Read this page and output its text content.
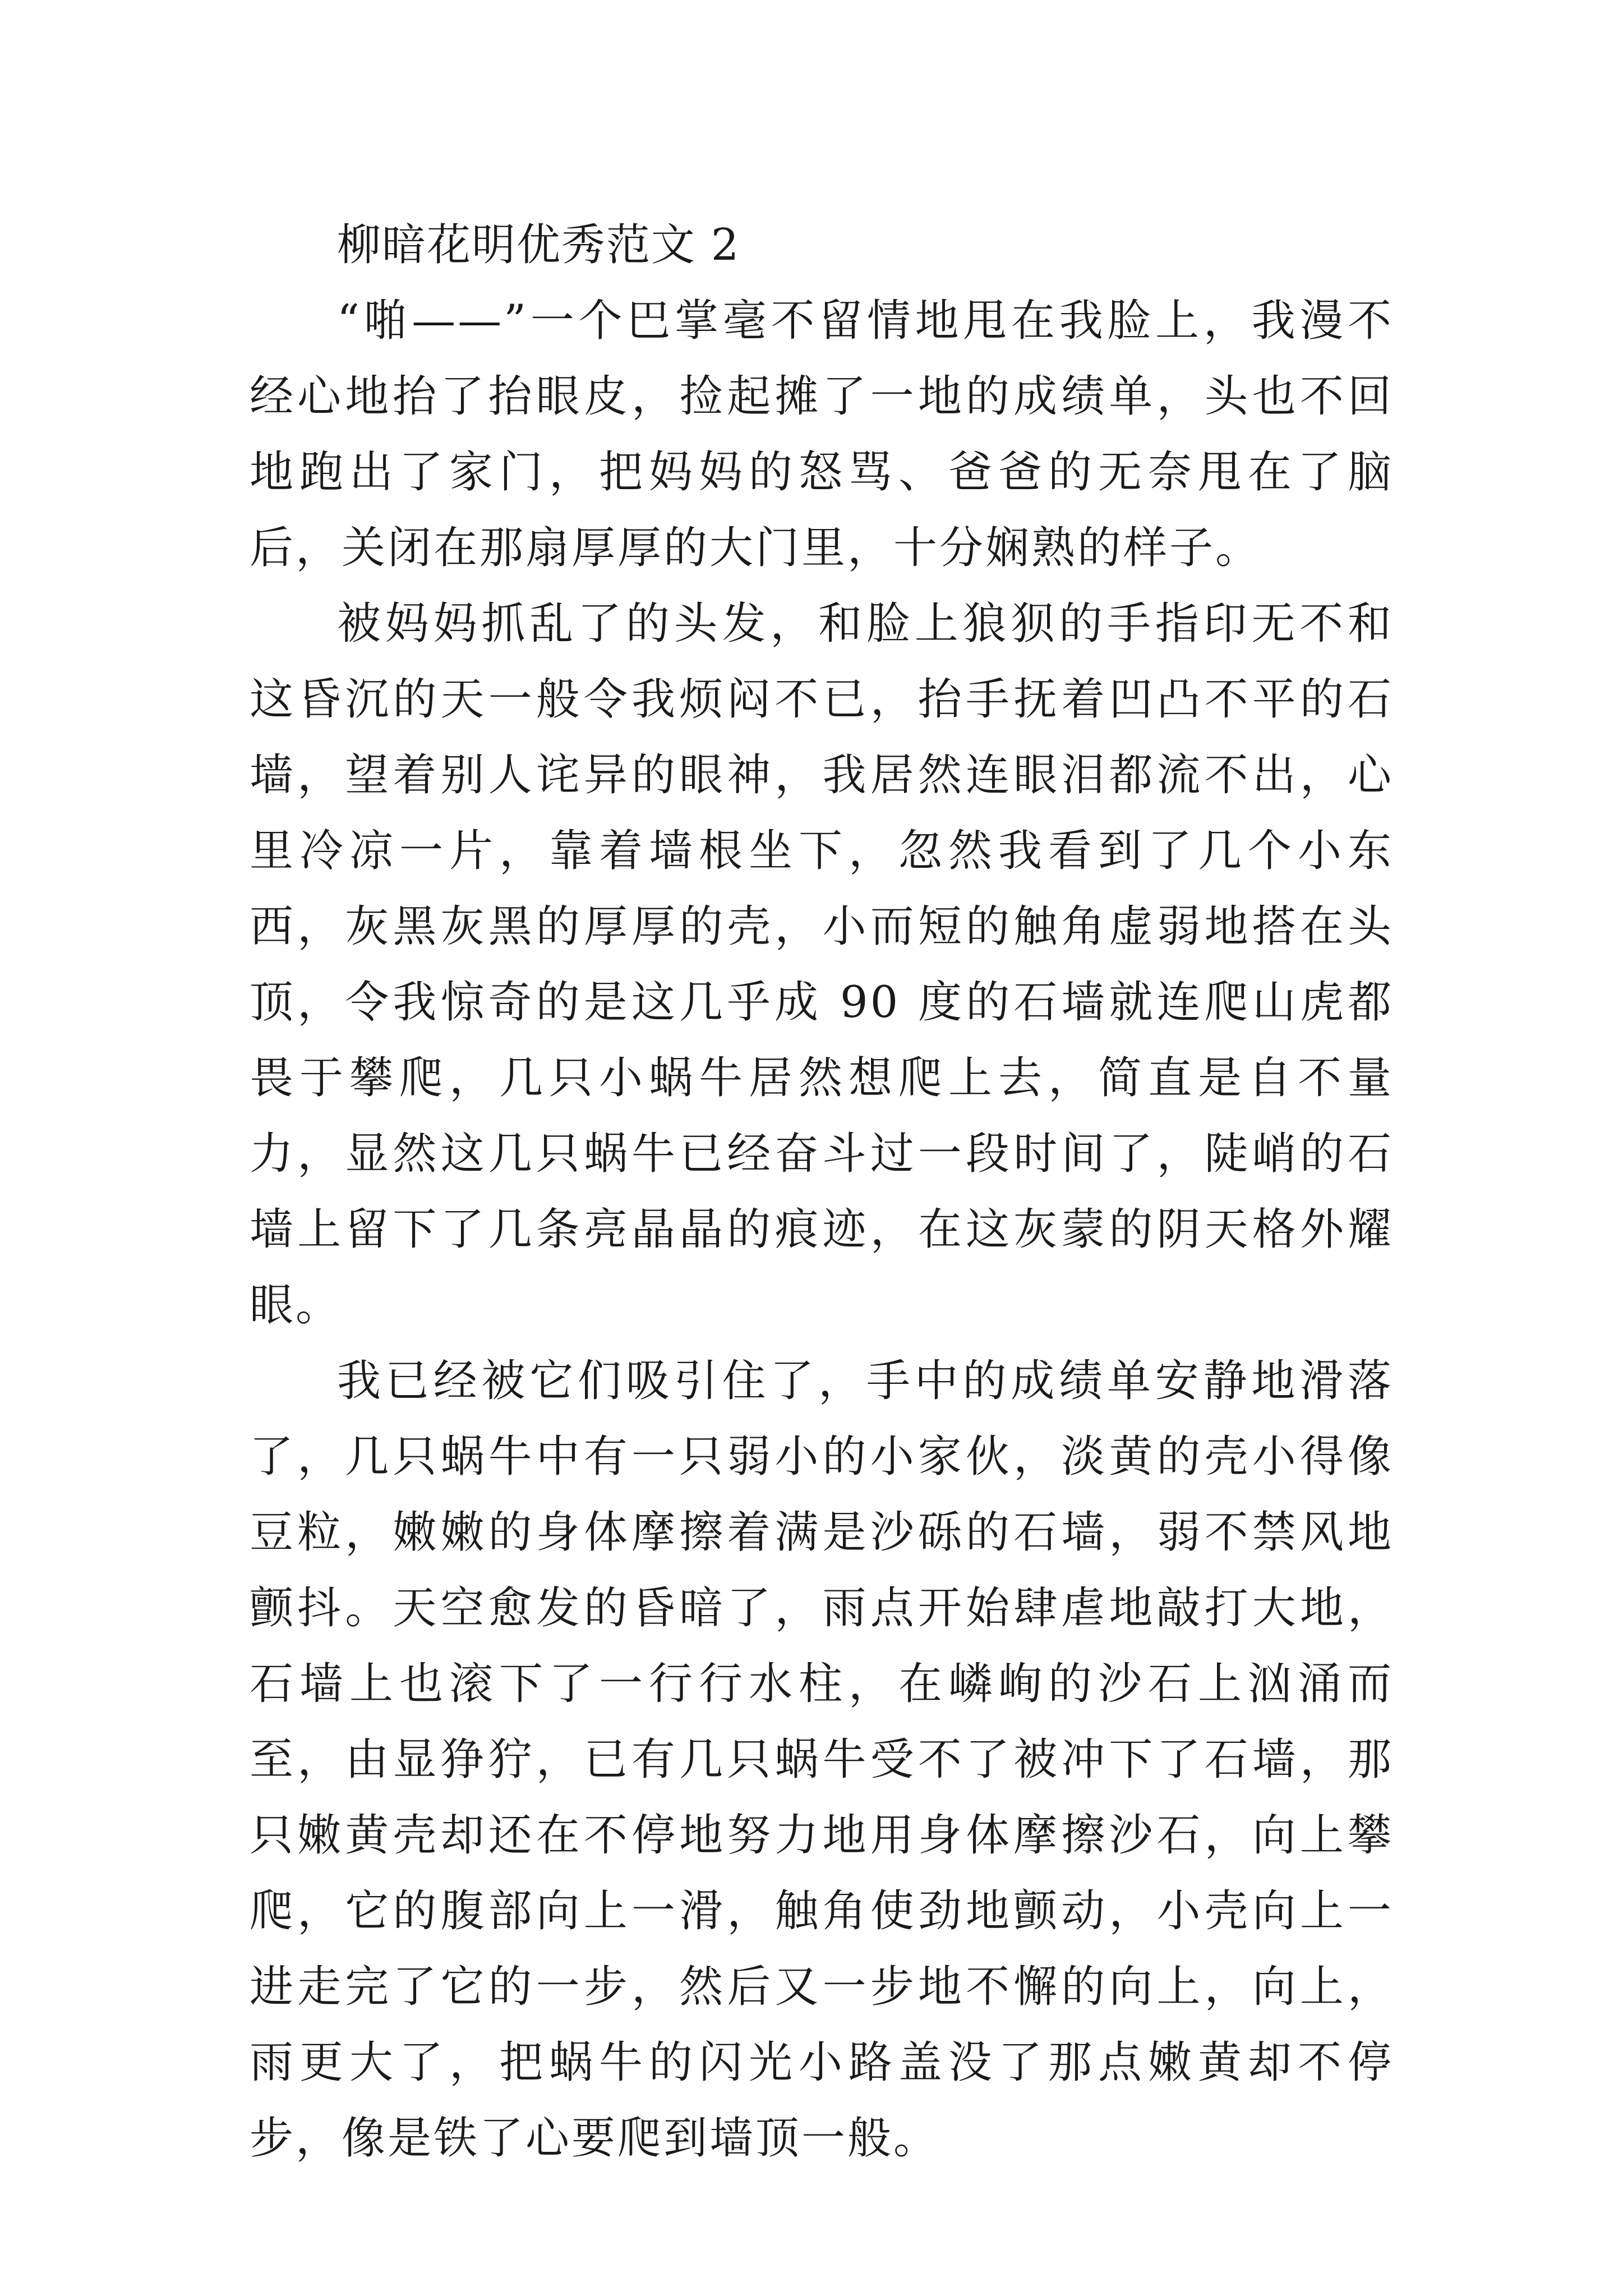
柳暗花明优秀范文 2

“啪——”一个巴掌毫不留情地甩在我脸上，我漫不经心地抬了抬眼皮，捡起摊了一地的成绩单，头也不回地跑出了家门，把妈妈的怒骂、爸爸的无奈甩在了脑后，关闭在那扇厚厚的大门里，十分娴熟的样子。

被妈妈抓乱了的头发，和脸上狼狈的手指印无不和这昏沉的天一般令我烦闷不已，抬手抚着凹凸不平的石墙，望着别人诧异的眼神，我居然连眼泪都流不出，心里冷凉一片，靠着墙根坐下，忽然我看到了几个小东西，灰黑灰黑的厚厚的壳，小而短的触角虚弱地搭在头顶，令我惊奇的是这几乎成 90 度的石墙就连爬山虎都畏于攀爬，几只小蜗牛居然想爬上去，简直是自不量力，显然这几只蜗牛已经奋斗过一段时间了，陡峭的石墙上留下了几条亮晶晶的痕迹，在这灰蒙的阴天格外耀眼。

我已经被它们吸引住了，手中的成绩单安静地滑落了，几只蜗牛中有一只弱小的小家伙，淡黄的壳小得像豆粒，嫩嫩的身体摩擦着满是沙砾的石墙，弱不禁风地颤抖。天空愈发的昏暗了，雨点开始肆虐地敲打大地，石墙上也滚下了一行行水柱，在嶙峋的沙石上汹涌而至，由显狰狞，已有几只蜗牛受不了被冲下了石墙，那只嫩黄壳却还在不停地努力地用身体摩擦沙石，向上攀爬，它的腹部向上一滑，触角使劲地颤动，小壳向上一进走完了它的一步，然后又一步地不懈的向上，向上，雨更大了，把蜗牛的闪光小路盖没了那点嫩黄却不停步，像是铁了心要爬到墙顶一般。
